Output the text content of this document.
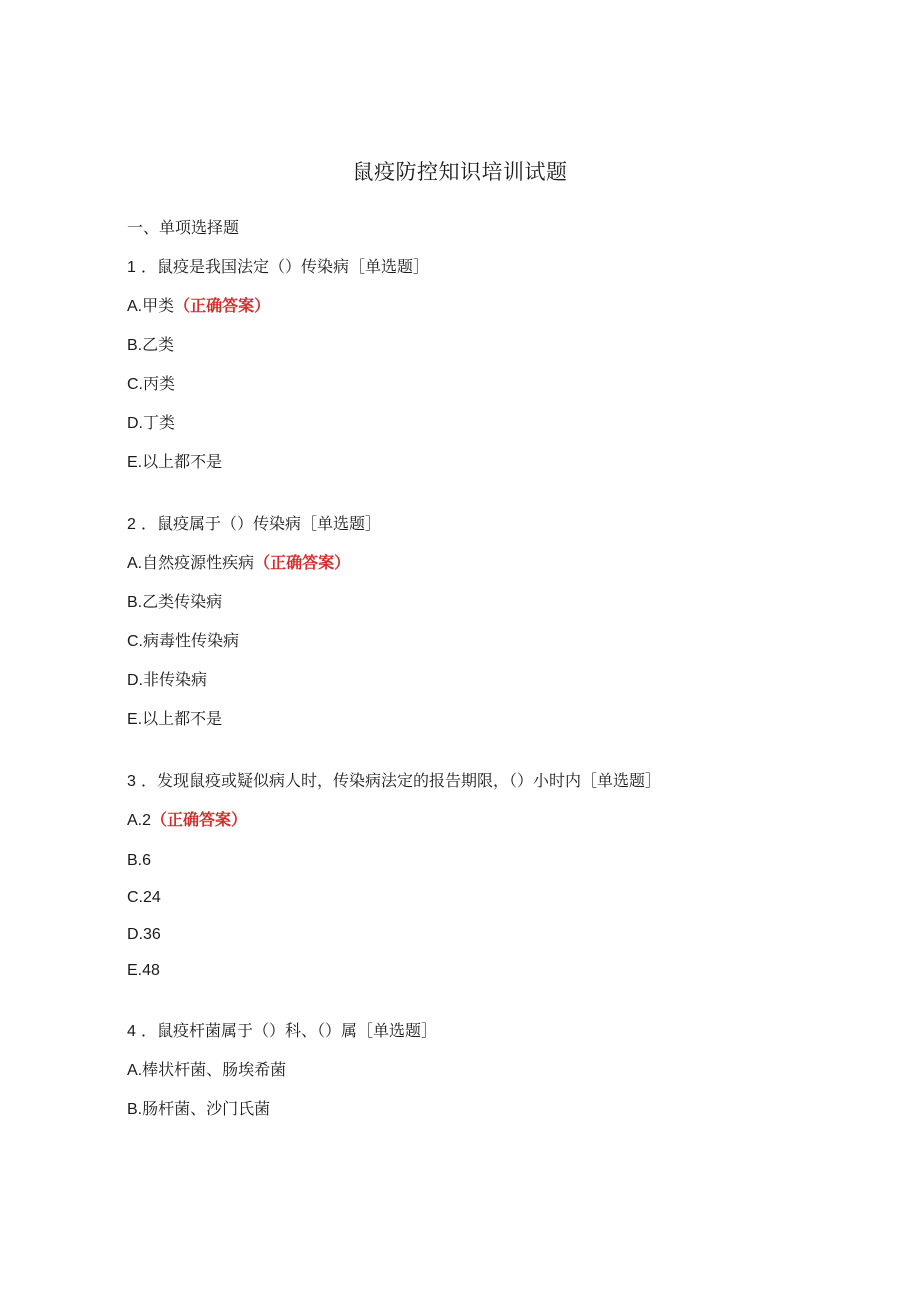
鼠疫防控知识培训试题
一、单项选择题
1 ．鼠疫是我国法定（）传染病［单选题］
A.甲类（正确答案）
B.乙类
C.丙类
D.丁类
E.以上都不是
2 ．鼠疫属于（）传染病［单选题］
A.自然疫源性疾病（正确答案）
B.乙类传染病
C.病毒性传染病
D.非传染病
E.以上都不是
3 ．发现鼠疫或疑似病人时，传染病法定的报告期限，（）小时内［单选题］
A.2（正确答案）
B.6
C.24
D.36
E.48
4 ．鼠疫杆菌属于（）科、（）属［单选题］
A.棒状杆菌、肠埃希菌
B.肠杆菌、沙门氏菌
